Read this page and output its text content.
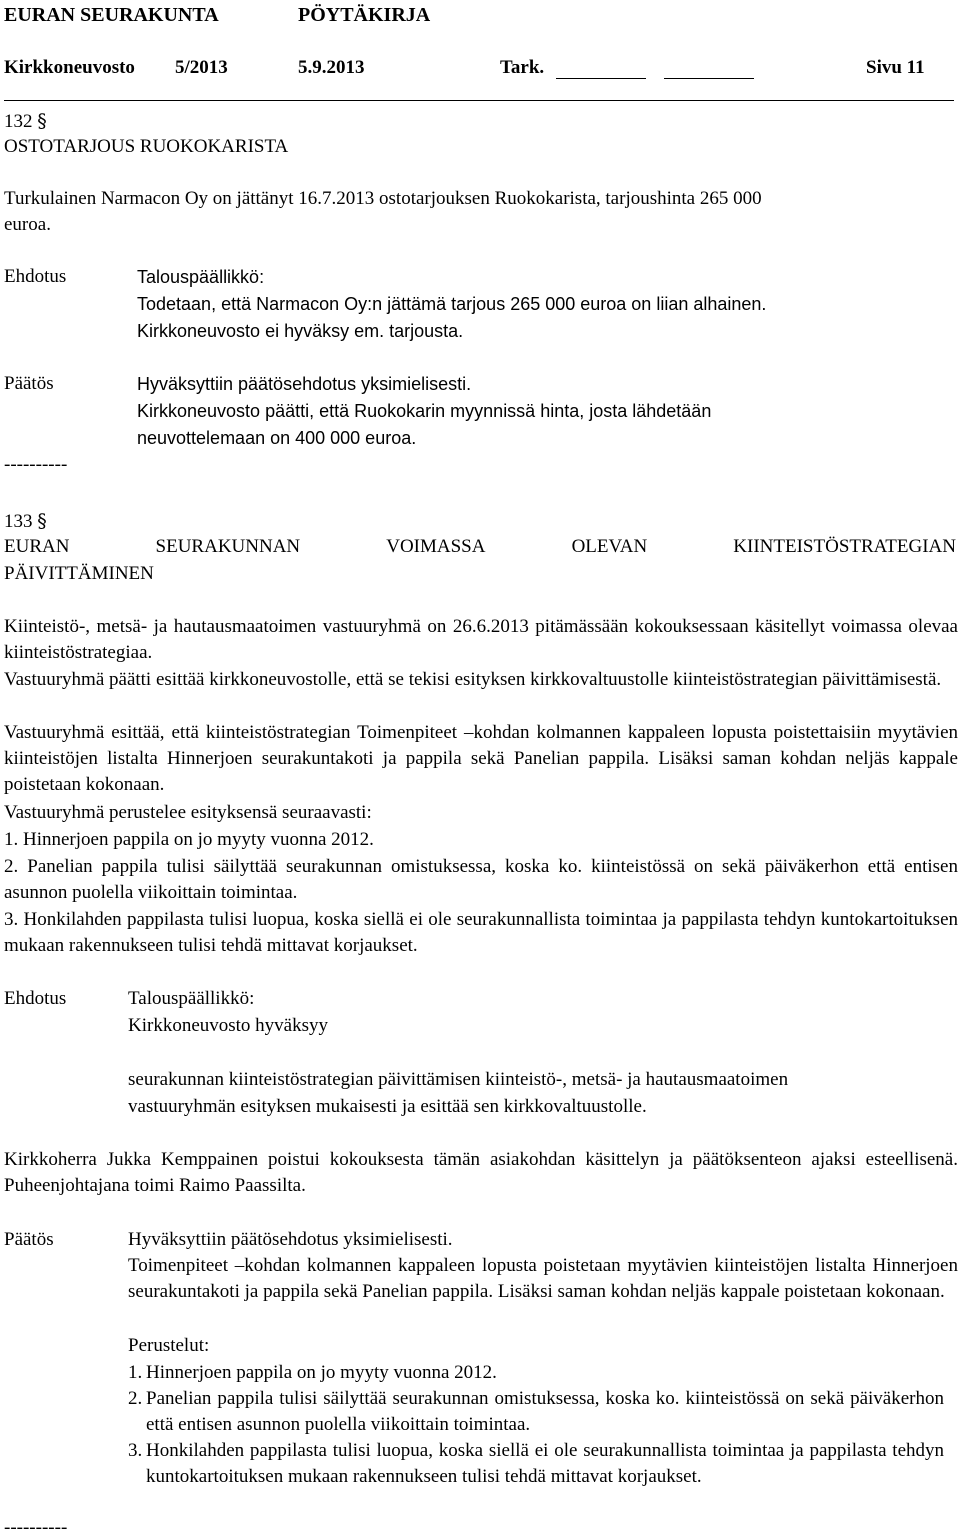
EURAN SEURAKUNTA	PÖYTÄKIRJA
Kirkkoneuvosto 5/2013	5.9.2013	Tark.	Sivu 11
132 §
OSTOTARJOUS RUOKOKARISTA
Turkulainen Narmacon Oy on jättänyt 16.7.2013 ostotarjouksen Ruokokarista, tarjoushinta 265 000
euroa.
Ehdotus	Talouspäällikkö:
Todetaan, että Narmacon Oy:n jättämä tarjous 265 000 euroa on liian alhainen.
Kirkkoneuvosto ei hyväksy em. tarjousta.
Päätös	Hyväksyttiin päätösehdotus yksimielisesti.
Kirkkoneuvosto päätti, että Ruokokarin myynnissä hinta, josta lähdetään
neuvottelemaan on 400 000 euroa.
----------
133 §
EURAN	SEURAKUNNAN	VOIMASSA	OLEVAN	KIINTEISTÖSTRATEGIAN
PÄIVITTÄMINEN
Kiinteistö-, metsä- ja hautausmaatoimen vastuuryhmä on 26.6.2013 pitämässään kokouksessaan käsitellyt voimassa olevaa kiinteistöstrategiaa.
Vastuuryhmä päätti esittää kirkkoneuvostolle, että se tekisi esityksen kirkkovaltuustolle kiinteistöstrategian päivittämisestä.
Vastuuryhmä esittää, että kiinteistöstrategian Toimenpiteet –kohdan kolmannen kappaleen lopusta poistettaisiin myytävien kiinteistöjen listalta Hinnerjoen seurakuntakoti ja pappila sekä Panelian pappila. Lisäksi saman kohdan neljäs kappale poistetaan kokonaan.
Vastuuryhmä perustelee esityksensä seuraavasti:
1. Hinnerjoen pappila on jo myyty vuonna 2012.
2. Panelian pappila tulisi säilyttää seurakunnan omistuksessa, koska ko. kiinteistössä on sekä päiväkerhon että entisen asunnon puolella viikoittain toimintaa.
3. Honkilahden pappilasta tulisi luopua, koska siellä ei ole seurakunnallista toimintaa ja pappilasta tehdyn kuntokartoituksen mukaan rakennukseen tulisi tehdä mittavat korjaukset.
Ehdotus	Talouspäällikkö:
Kirkkoneuvosto hyväksyy
seurakunnan kiinteistöstrategian päivittämisen kiinteistö-, metsä- ja hautausmaatoimen
vastuuryhmän esityksen mukaisesti ja esittää sen kirkkovaltuustolle.
Kirkkoherra Jukka Kemppainen poistui kokouksesta tämän asiakohdan käsittelyn ja päätöksenteon ajaksi esteellisenä. Puheenjohtajana toimi Raimo Paassilta.
Päätös	Hyväksyttiin päätösehdotus yksimielisesti.
Toimenpiteet –kohdan kolmannen kappaleen lopusta poistetaan myytävien kiinteistöjen listalta Hinnerjoen seurakuntakoti ja pappila sekä Panelian pappila. Lisäksi saman kohdan neljäs kappale poistetaan kokonaan.
Perustelut:
1. Hinnerjoen pappila on jo myyty vuonna 2012.
2. Panelian pappila tulisi säilyttää seurakunnan omistuksessa, koska ko. kiinteistössä on sekä päiväkerhon että entisen asunnon puolella viikoittain toimintaa.
3. Honkilahden pappilasta tulisi luopua, koska siellä ei ole seurakunnallista toimintaa ja pappilasta tehdyn kuntokartoituksen mukaan rakennukseen tulisi tehdä mittavat korjaukset.
----------
